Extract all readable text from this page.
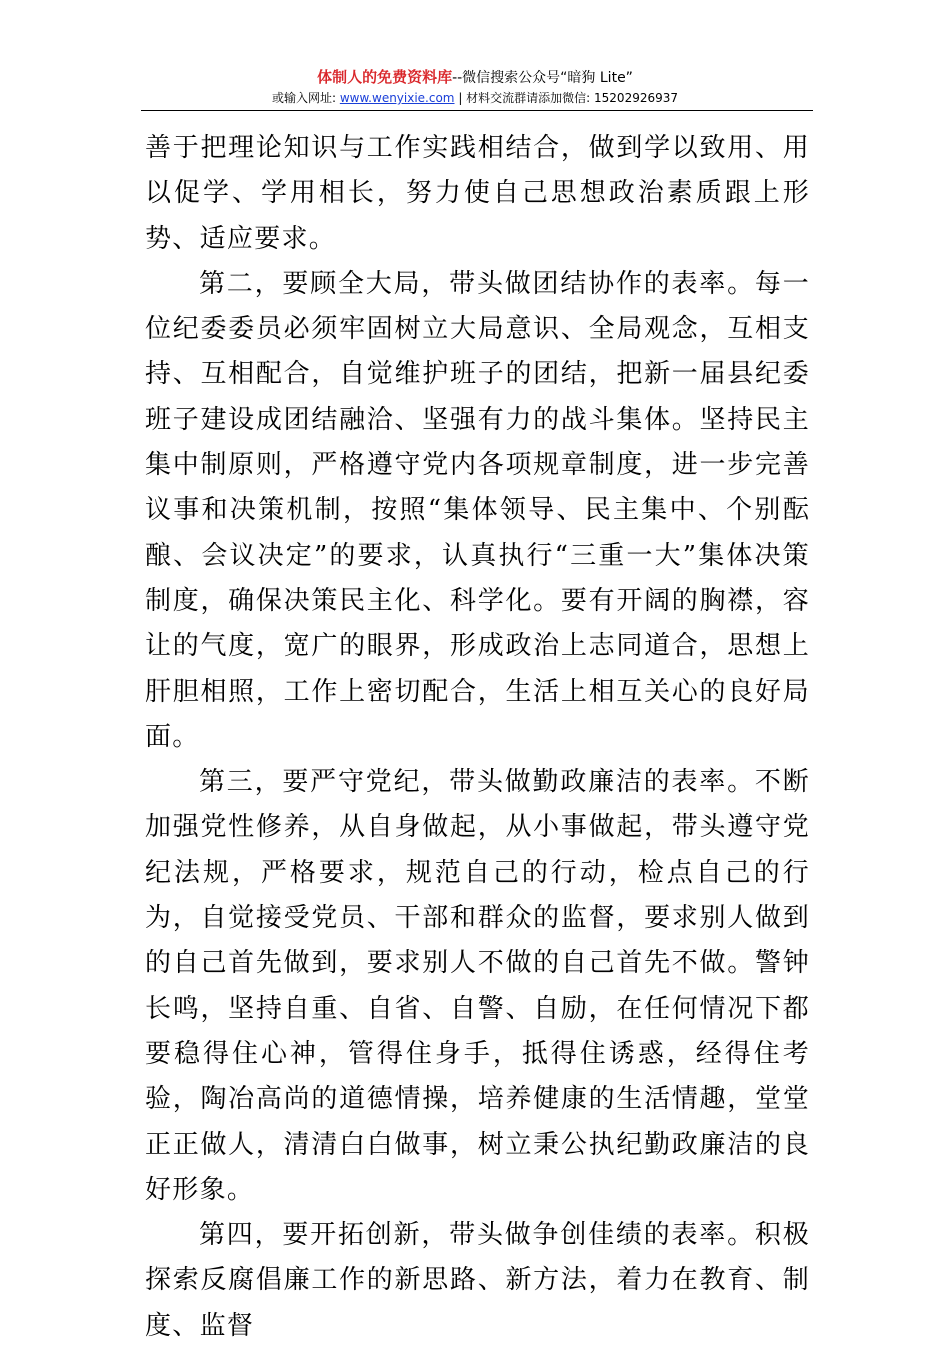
体制人的免费资料库--微信搜索公众号“暗狗 Lite”
或输入网址: www.wenyixie.com | 材料交流群请添加微信: 15202926937

善于把理论知识与工作实践相结合，做到学以致用、用以促学、学用相长，努力使自己思想政治素质跟上形势、适应要求。

第二，要顾全大局，带头做团结协作的表率。每一位纪委委员必须牢固树立大局意识、全局观念，互相支持、互相配合，自觉维护班子的团结，把新一届县纪委班子建设成团结融洽、坚强有力的战斗集体。坚持民主集中制原则，严格遵守党内各项规章制度，进一步完善议事和决策机制，按照“集体领导、民主集中、个别酝酿、会议决定”的要求，认真执行“三重一大”集体决策制度，确保决策民主化、科学化。要有开阔的胸襟，容让的气度，宽广的眼界，形成政治上志同道合，思想上肝胆相照，工作上密切配合，生活上相互关心的良好局面。

第三，要严守党纪，带头做勤政廉洁的表率。不断加强党性修养，从自身做起，从小事做起，带头遵守党纪法规，严格要求，规范自己的行动，检点自己的行为，自觉接受党员、干部和群众的监督，要求别人做到的自己首先做到，要求别人不做的自己首先不做。警钟长鸣，坚持自重、自省、自警、自励，在任何情况下都要稳得住心神，管得住身手，抵得住诱惑，经得住考验，陶冶高尚的道德情操，培养健康的生活情趣，堂堂正正做人，清清白白做事，树立秉公执纪勤政廉洁的良好形象。

第四，要开拓创新，带头做争创佳绩的表率。积极探索反腐倡廉工作的新思路、新方法，着力在教育、制度、监督
